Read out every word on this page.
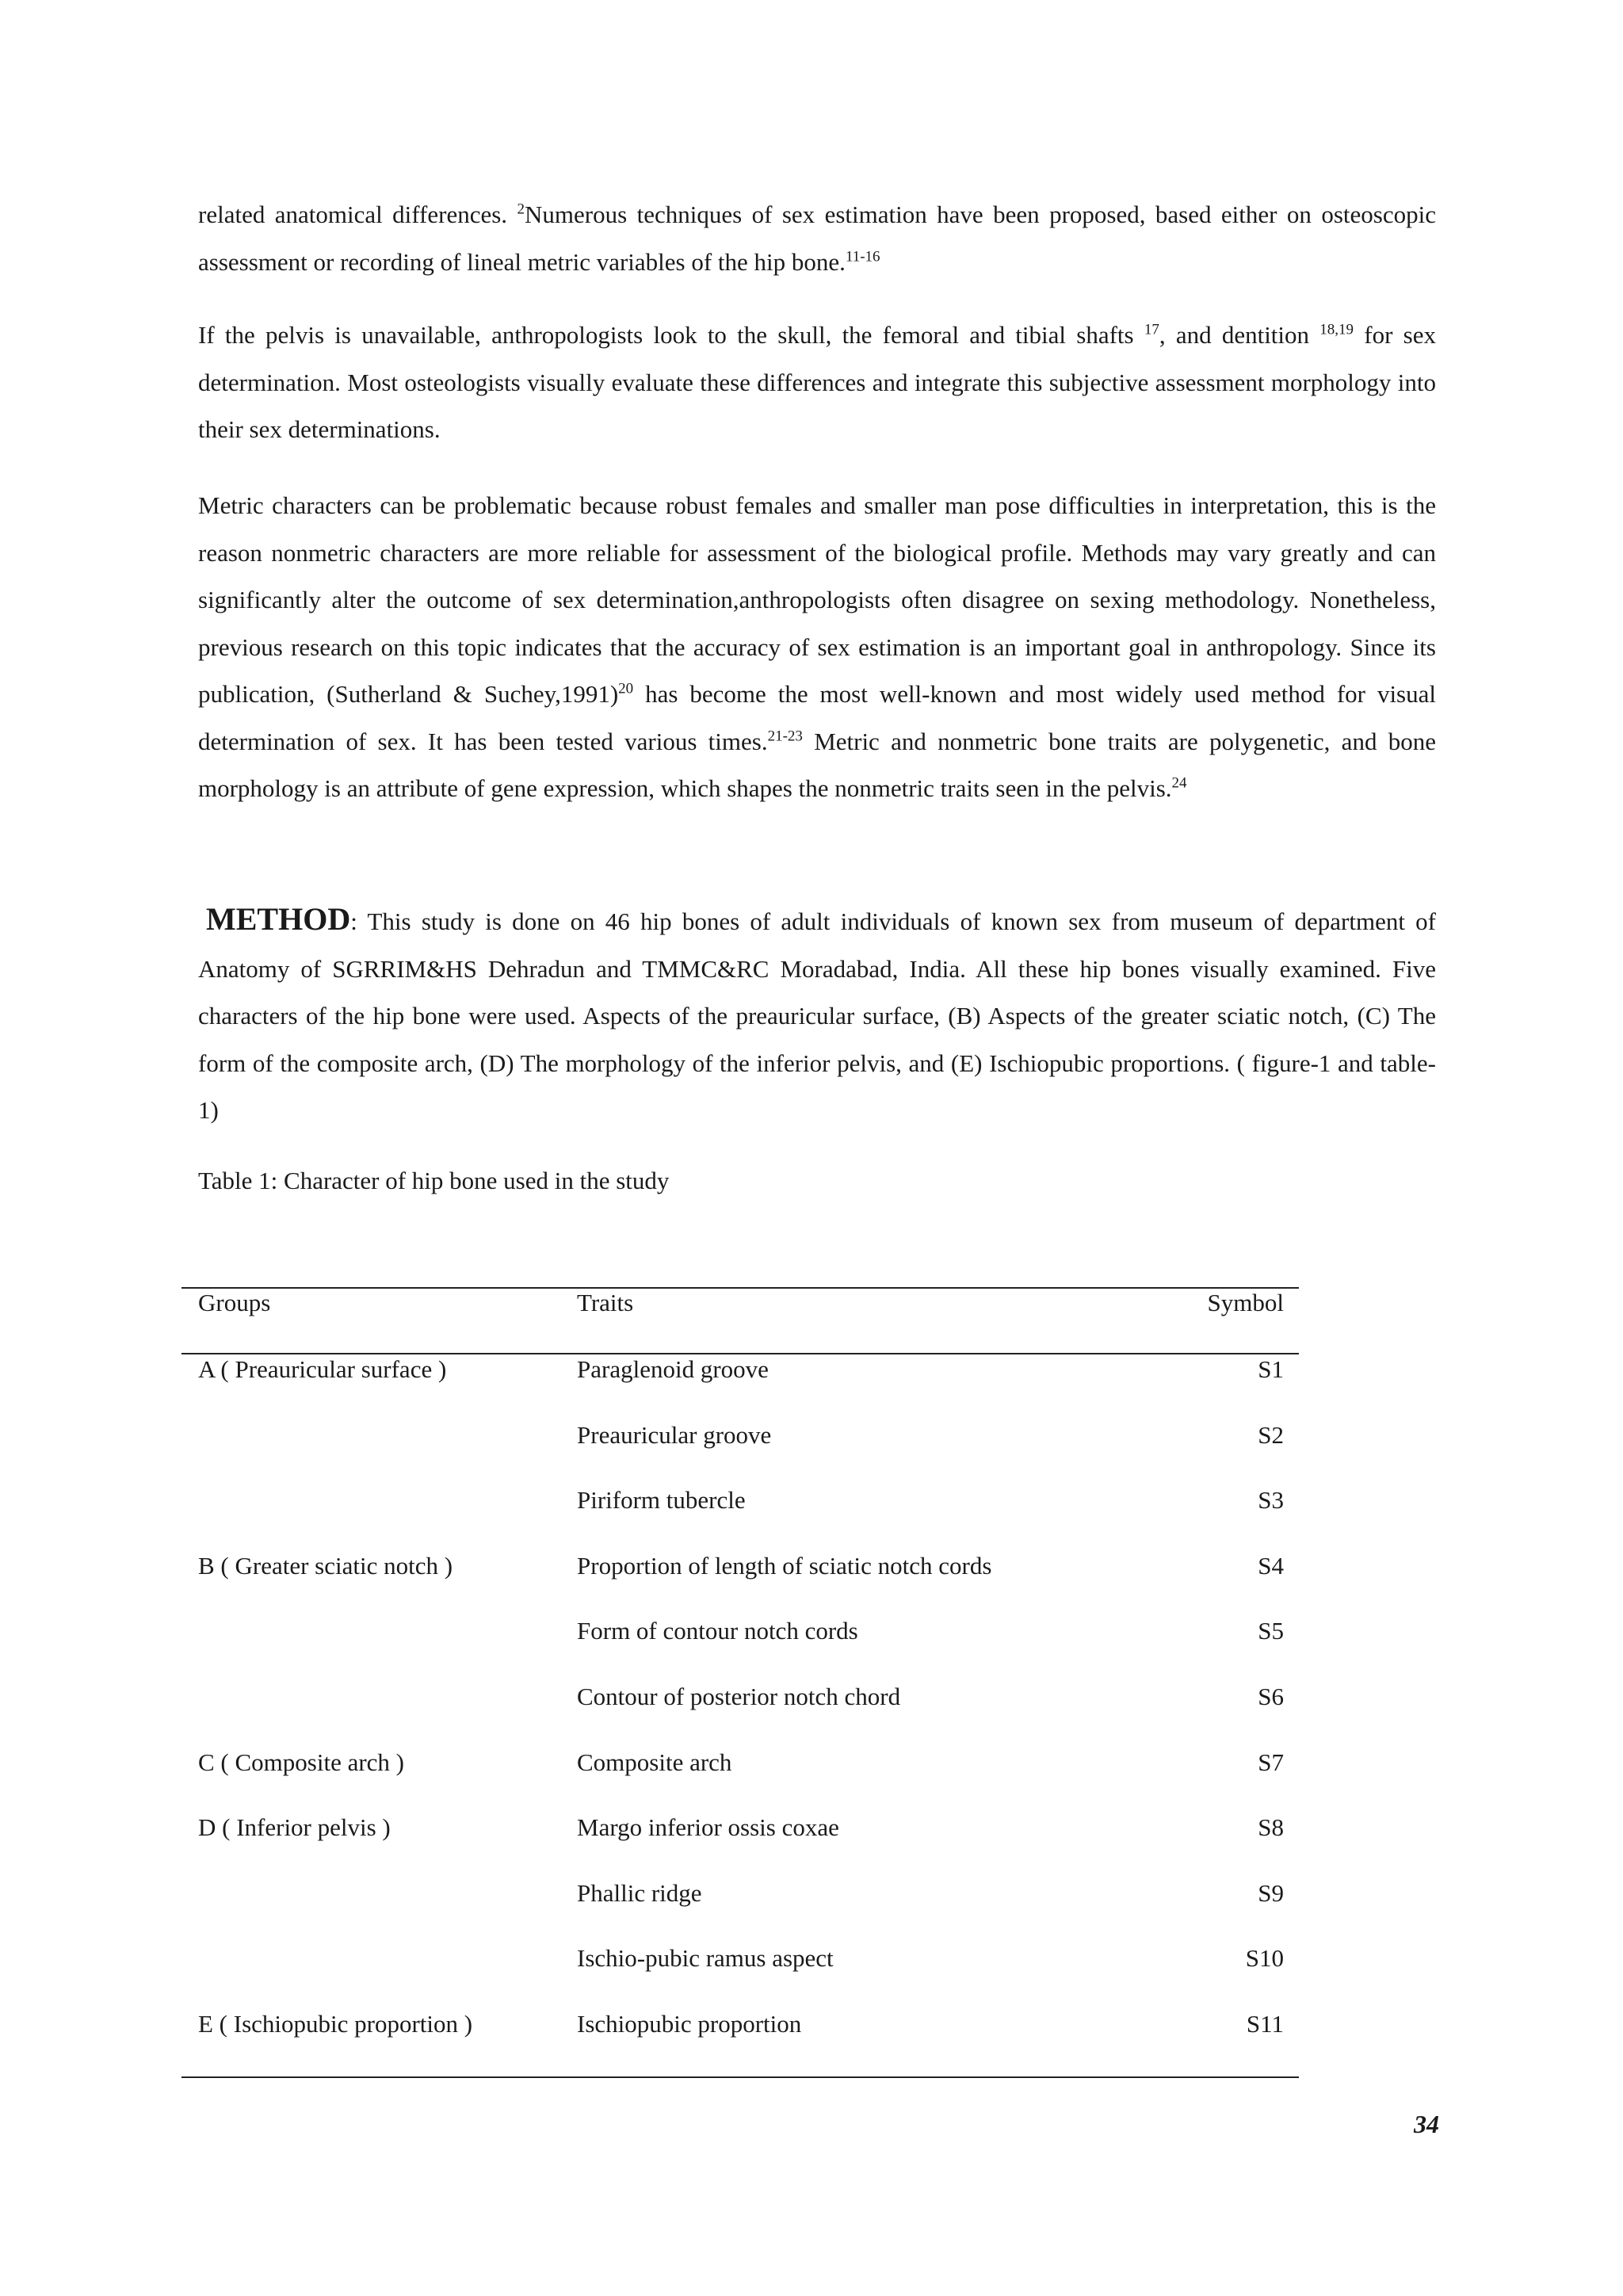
related anatomical differences. $^2$Numerous techniques of sex estimation have been proposed, based either on osteoscopic assessment or recording of lineal metric variables of the hip bone.$^{11-16}$

If the pelvis is unavailable, anthropologists look to the skull, the femoral and tibial shafts $^{17}$, and dentition $^{18,19}$ for sex determination. Most osteologists visually evaluate these differences and integrate this subjective assessment morphology into their sex determinations.

Metric characters can be problematic because robust females and smaller man pose difficulties in interpretation, this is the reason nonmetric characters are more reliable for assessment of the biological profile. Methods may vary greatly and can significantly alter the outcome of sex determination,anthropologists often disagree on sexing methodology. Nonetheless, previous research on this topic indicates that the accuracy of sex estimation is an important goal in anthropology. Since its publication, (Sutherland & Suchey,1991)$^{20}$ has become the most well-known and most widely used method for visual determination of sex. It has been tested various times.$^{21-23}$ Metric and nonmetric bone traits are polygenetic, and bone morphology is an attribute of gene expression, which shapes the nonmetric traits seen in the pelvis.$^{24}$

METHOD: This study is done on 46 hip bones of adult individuals of known sex from museum of department of Anatomy of SGRRIM&HS Dehradun and TMMC&RC Moradabad, India. All these hip bones visually examined. Five characters of the hip bone were used. Aspects of the preauricular surface, (B) Aspects of the greater sciatic notch, (C) The form of the composite arch, (D) The morphology of the inferior pelvis, and (E) Ischiopubic proportions. ( figure-1 and table-1)

Table 1: Character of hip bone used in the study

Groups	Traits	Symbol
A ( Preauricular surface )	Paraglenoid groove	S1
Preauricular groove	S2
Piriform tubercle	S3
B ( Greater sciatic notch )	Proportion of length of sciatic notch cords	S4
Form of contour notch cords	S5
Contour of posterior notch chord	S6
C ( Composite arch )	Composite arch	S7
D ( Inferior pelvis )	Margo inferior ossis coxae	S8
Phallic ridge	S9
Ischio-pubic ramus aspect	S10
E ( Ischiopubic proportion )	Ischiopubic proportion	S11
34
